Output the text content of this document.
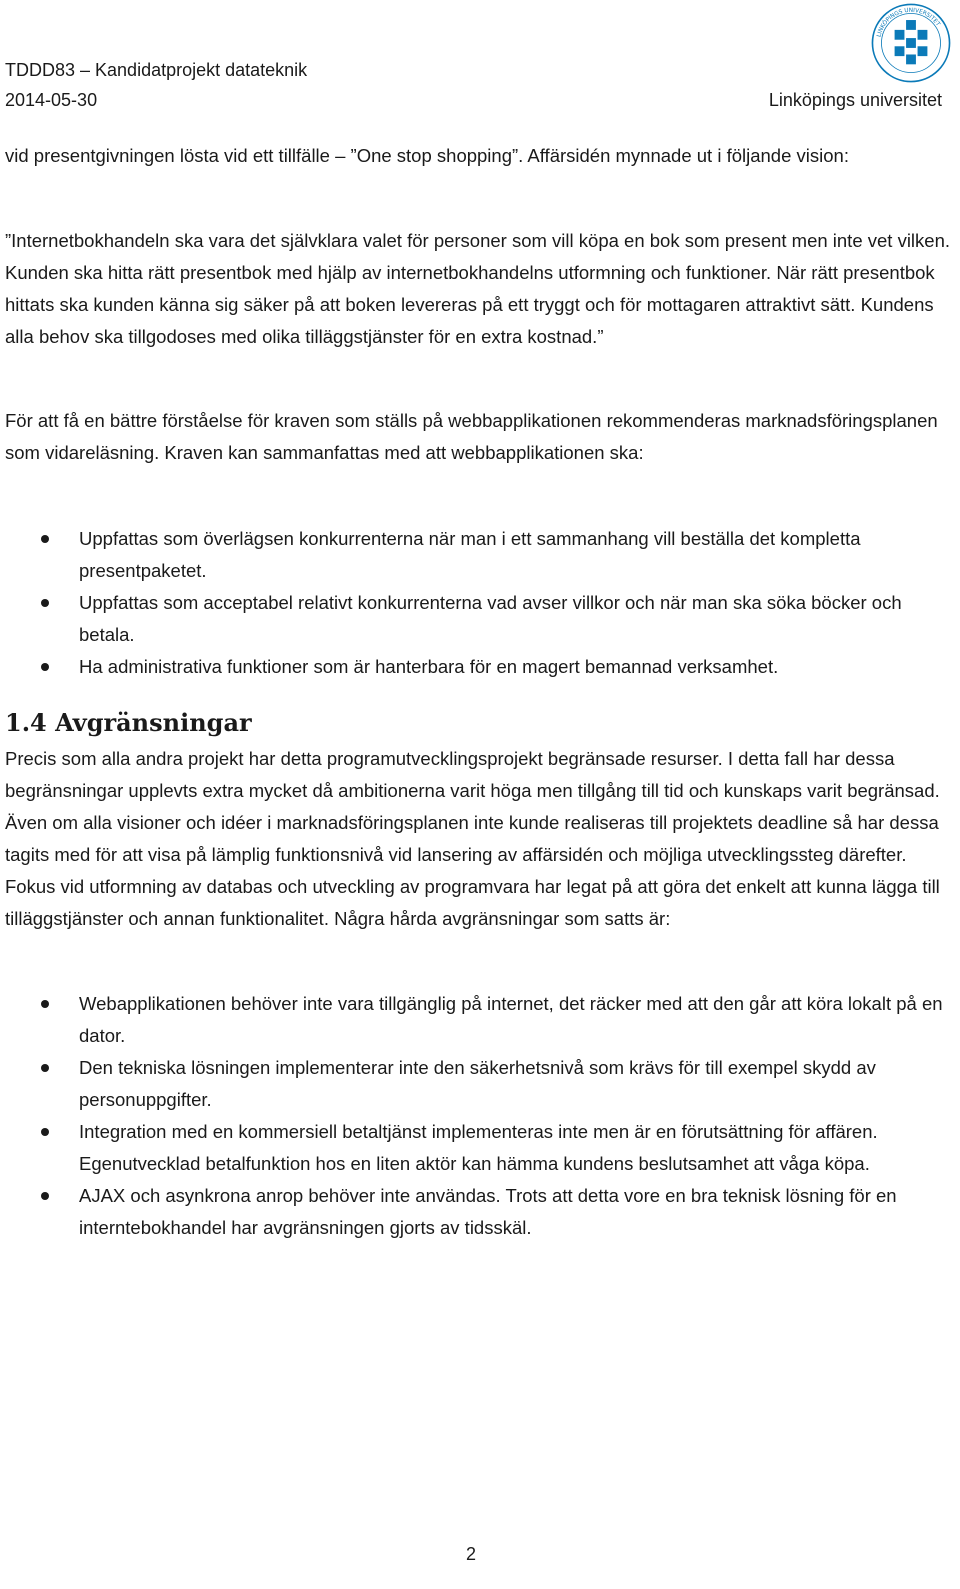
TDDD83 – Kandidatprojekt datateknik
2014-05-30	Linköpings universitet
LINKÖPINGS UNIVERSITET

vid presentgivningen lösta vid ett tillfälle – ”One stop shopping”. Affärsidén mynnade ut i följande vision:

”Internetbokhandeln ska vara det självklara valet för personer som vill köpa en bok som present men inte vet vilken. Kunden ska hitta rätt presentbok med hjälp av internetbokhandelns utformning och funktioner. När rätt presentbok hittats ska kunden känna sig säker på att boken levereras på ett tryggt och för mottagaren attraktivt sätt. Kundens alla behov ska tillgodoses med olika tilläggstjänster för en extra kostnad.”

För att få en bättre förståelse för kraven som ställs på webbapplikationen rekommenderas marknadsföringsplanen som vidareläsning. Kraven kan sammanfattas med att webbapplikationen ska:

Uppfattas som överlägsen konkurrenterna när man i ett sammanhang vill beställa det kompletta presentpaketet.
Uppfattas som acceptabel relativt konkurrenterna vad avser villkor och när man ska söka böcker och betala.
Ha administrativa funktioner som är hanterbara för en magert bemannad verksamhet.
1.4 Avgränsningar

Precis som alla andra projekt har detta programutvecklingsprojekt begränsade resurser. I detta fall har dessa begränsningar upplevts extra mycket då ambitionerna varit höga men tillgång till tid och kunskaps varit begränsad. Även om alla visioner och idéer i marknadsföringsplanen inte kunde realiseras till projektets deadline så har dessa tagits med för att visa på lämplig funktionsnivå vid lansering av affärsidén och möjliga utvecklingssteg därefter. Fokus vid utformning av databas och utveckling av programvara har legat på att göra det enkelt att kunna lägga till tilläggstjänster och annan funktionalitet. Några hårda avgränsningar som satts är:

Webapplikationen behöver inte vara tillgänglig på internet, det räcker med att den går att köra lokalt på en dator.
Den tekniska lösningen implementerar inte den säkerhetsnivå som krävs för till exempel skydd av personuppgifter.
Integration med en kommersiell betaltjänst implementeras inte men är en förutsättning för affären. Egenutvecklad betalfunktion hos en liten aktör kan hämma kundens beslutsamhet att våga köpa.
AJAX och asynkrona anrop behöver inte användas. Trots att detta vore en bra teknisk lösning för en interntebokhandel har avgränsningen gjorts av tidsskäl.
2
